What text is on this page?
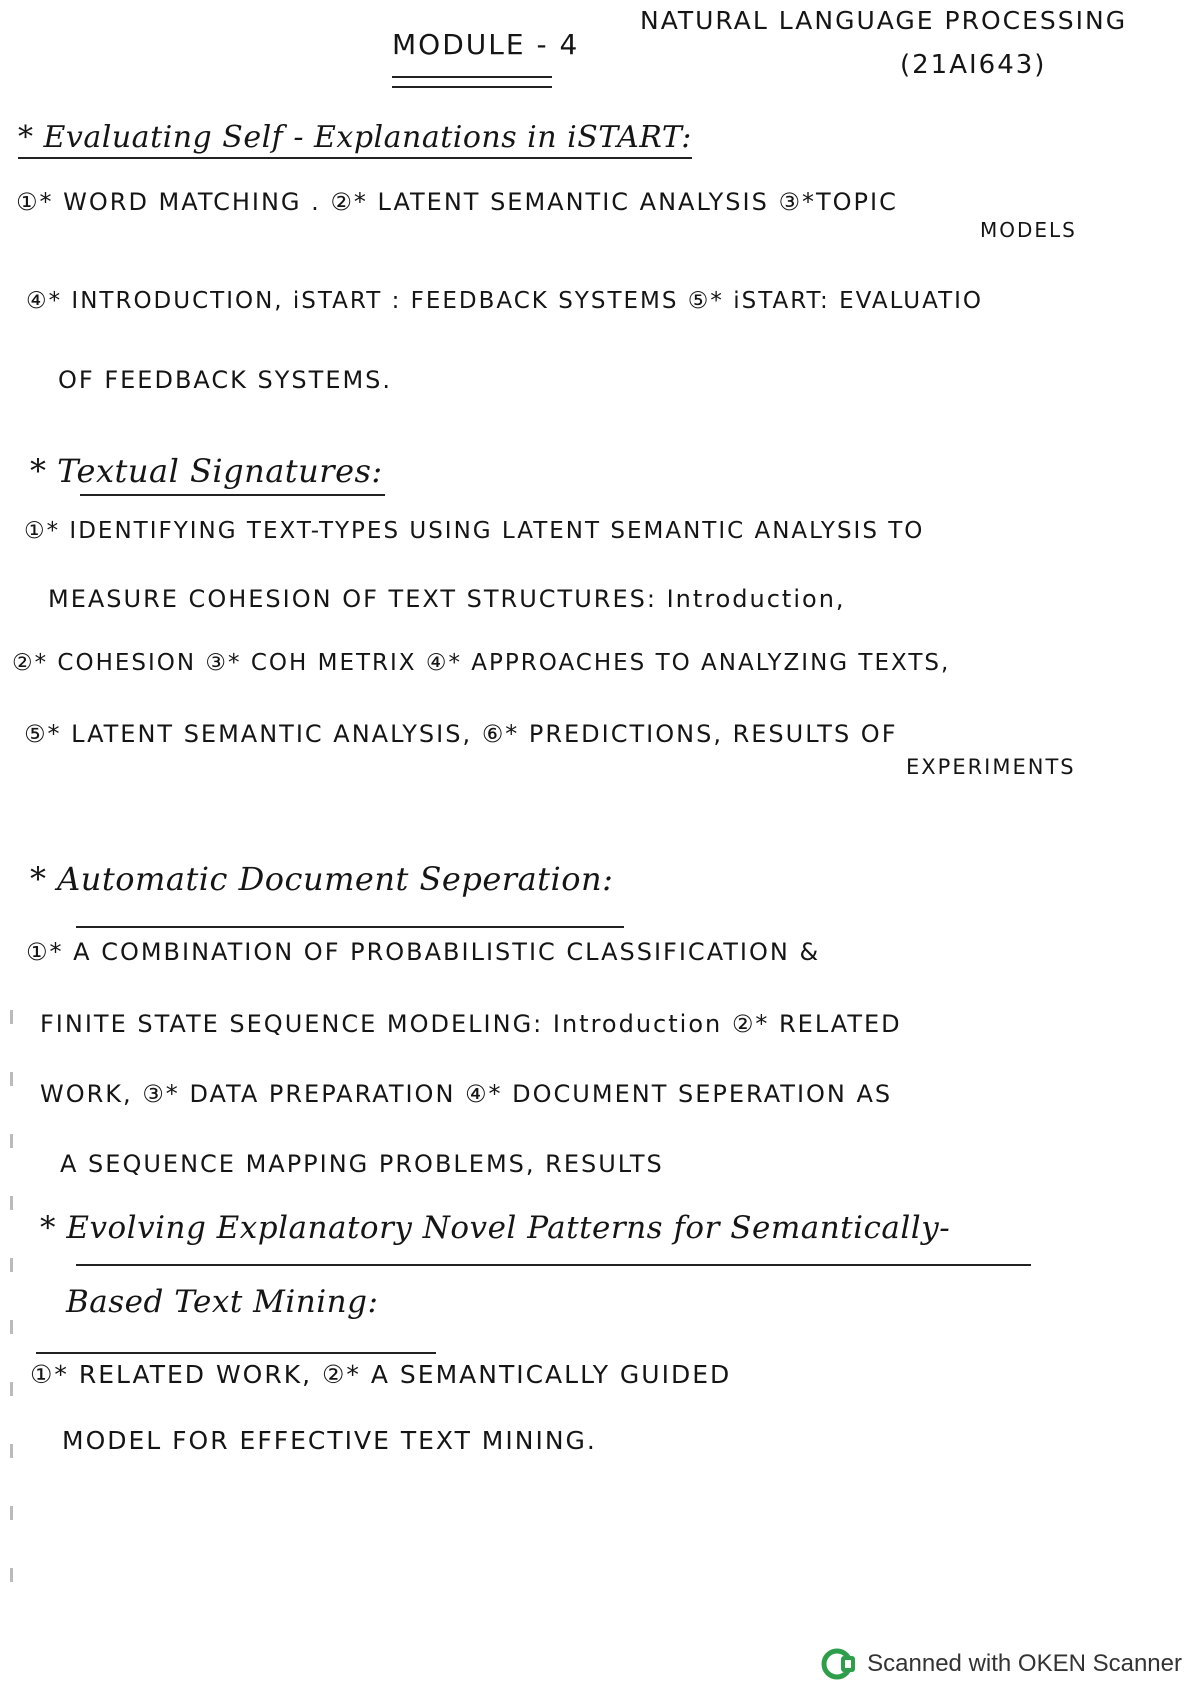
MODULE - 4
NATURAL LANGUAGE PROCESSING
(21AI643)
* Evaluating Self - Explanations in iSTART:
①* WORD MATCHING . ②* LATENT SEMANTIC ANALYSIS ③*TOPIC
MODELS
④* INTRODUCTION, iSTART : FEEDBACK SYSTEMS ⑤* iSTART: EVALUATIO
OF FEEDBACK SYSTEMS.
* Textual Signatures:
①* IDENTIFYING TEXT-TYPES USING LATENT SEMANTIC ANALYSIS TO
MEASURE COHESION OF TEXT STRUCTURES: Introduction,
②* COHESION ③* COH METRIX ④* APPROACHES TO ANALYZING TEXTS,
⑤* LATENT SEMANTIC ANALYSIS, ⑥* PREDICTIONS, RESULTS OF
EXPERIMENTS
* Automatic Document Seperation:
①* A COMBINATION OF PROBABILISTIC CLASSIFICATION &
FINITE STATE SEQUENCE MODELING: Introduction ②* RELATED
WORK, ③* DATA PREPARATION ④* DOCUMENT SEPERATION AS
A SEQUENCE MAPPING PROBLEMS, RESULTS
* Evolving Explanatory Novel Patterns for Semantically-
Based Text Mining:
①* RELATED WORK, ②* A SEMANTICALLY GUIDED
MODEL FOR EFFECTIVE TEXT MINING.
Scanned with OKEN Scanner
